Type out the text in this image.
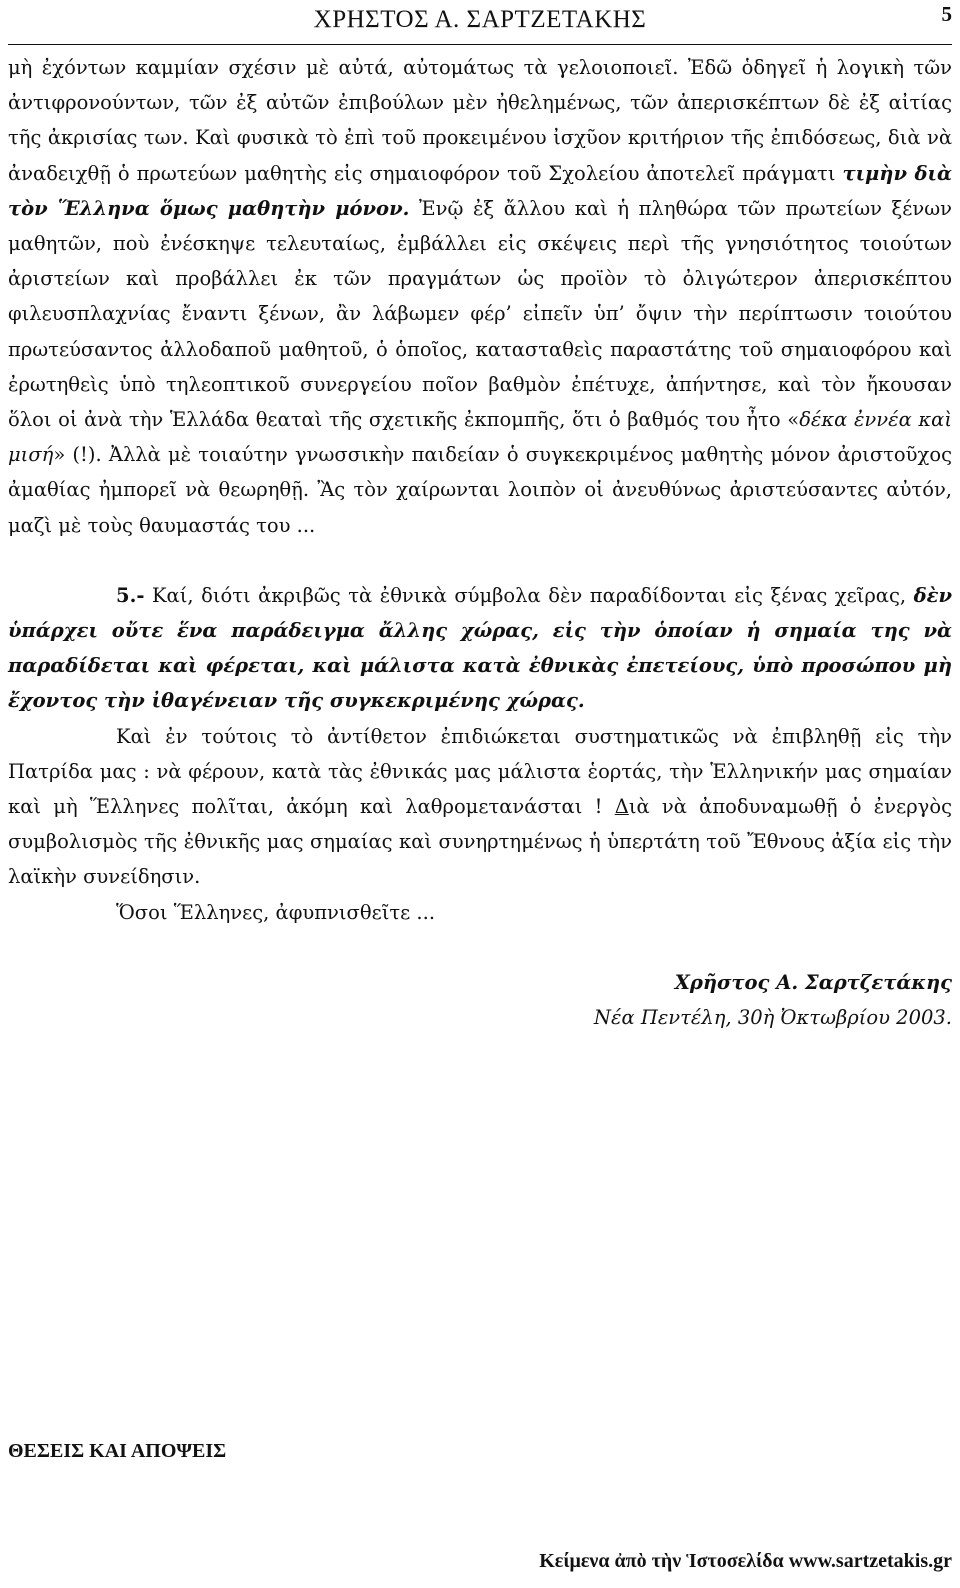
ΧΡΗΣΤΟΣ Α. ΣΑΡΤΖΕΤΑΚΗΣ	5

μὴ ἐχόντων καμμίαν σχέσιν μὲ αὐτά, αὐτομάτως τὰ γελοιοποιεῖ. Ἐδῶ ὁδηγεῖ ἡ λογικὴ τῶν ἀντιφρονούντων, τῶν ἐξ αὐτῶν ἐπιβούλων μὲν ἠθελημένως, τῶν ἀπερισκέπτων δὲ ἐξ αἰτίας τῆς ἀκρισίας των. Καὶ φυσικὰ τὸ ἐπὶ τοῦ προκειμένου ἰσχῦον κριτήριον τῆς ἐπιδόσεως, διὰ νὰ ἀναδειχθῇ ὁ πρωτεύων μαθητὴς εἰς σημαιοφόρον τοῦ Σχολείου ἀποτελεῖ πράγματι τιμὴν διὰ τὸν Ἕλληνα ὅμως μαθητὴν μόνον. Ἐνῷ ἐξ ἄλλου καὶ ἡ πληθώρα τῶν πρωτείων ξένων μαθητῶν, ποὺ ἐνέσκηψε τελευταίως, ἐμβάλλει εἰς σκέψεις περὶ τῆς γνησιότητος τοιούτων ἀριστείων καὶ προβάλλει ἐκ τῶν πραγμάτων ὡς προϊὸν τὸ ὀλιγώτερον ἀπερισκέπτου φιλευσπλαχνίας ἔναντι ξένων, ἂν λάβωμεν φέρ’ εἰπεῖν ὑπ’ ὄψιν τὴν περίπτωσιν τοιούτου πρωτεύσαντος ἀλλοδαποῦ μαθητοῦ, ὁ ὁποῖος, κατασταθεὶς παραστάτης τοῦ σημαιοφόρου καὶ ἐρωτηθεὶς ὑπὸ τηλεοπτικοῦ συνεργείου ποῖον βαθμὸν ἐπέτυχε, ἀπήντησε, καὶ τὸν ἤκουσαν ὅλοι οἱ ἀνὰ τὴν Ἑλλάδα θεαταὶ τῆς σχετικῆς ἐκπομπῆς, ὅτι ὁ βαθμός του ἦτο «δέκα ἐννέα καὶ μισή» (!). Ἀλλὰ μὲ τοιαύτην γνωσσικὴν παιδείαν ὁ συγκεκριμένος μαθητὴς μόνον ἀριστοῦχος ἀμαθίας ἠμπορεῖ νὰ θεωρηθῇ. Ἂς τὸν χαίρωνται λοιπὸν οἱ ἀνευθύνως ἀριστεύσαντες αὐτόν, μαζὶ μὲ τοὺς θαυμαστάς του ...

5.- Καί, διότι ἀκριβῶς τὰ ἐθνικὰ σύμβολα δὲν παραδίδονται εἰς ξένας χεῖρας, δὲν ὑπάρχει οὔτε ἕνα παράδειγμα ἄλλης χώρας, εἰς τὴν ὁποίαν ἡ σημαία της νὰ παραδίδεται καὶ φέρεται, καὶ μάλιστα κατὰ ἐθνικὰς ἐπετείους, ὑπὸ προσώπου μὴ ἔχοντος τὴν ἰθαγένειαν τῆς συγκεκριμένης χώρας.

Καὶ ἐν τούτοις τὸ ἀντίθετον ἐπιδιώκεται συστηματικῶς νὰ ἐπιβληθῇ εἰς τὴν Πατρίδα μας : νὰ φέρουν, κατὰ τὰς ἐθνικάς μας μάλιστα ἑορτάς, τὴν Ἑλληνικήν μας σημαίαν καὶ μὴ Ἕλληνες πολῖται, ἀκόμη καὶ λαθρομετανάσται ! Διὰ νὰ ἀποδυναμωθῇ ὁ ἐνεργὸς συμβολισμὸς τῆς ἐθνικῆς μας σημαίας καὶ συνηρτημένως ἡ ὑπερτάτη τοῦ Ἔθνους ἀξία εἰς τὴν λαϊκὴν συνείδησιν.

Ὅσοι Ἕλληνες, ἀφυπνισθεῖτε ...

Χρῆστος Α. Σαρτζετάκης

Νέα Πεντέλη, 30ὴ Ὀκτωβρίου 2003.

ΘΕΣΕΙΣ ΚΑΙ ΑΠΟΨΕΙΣ
Κείμενα ἀπὸ τὴν Ἱστοσελίδα www.sartzetakis.gr
